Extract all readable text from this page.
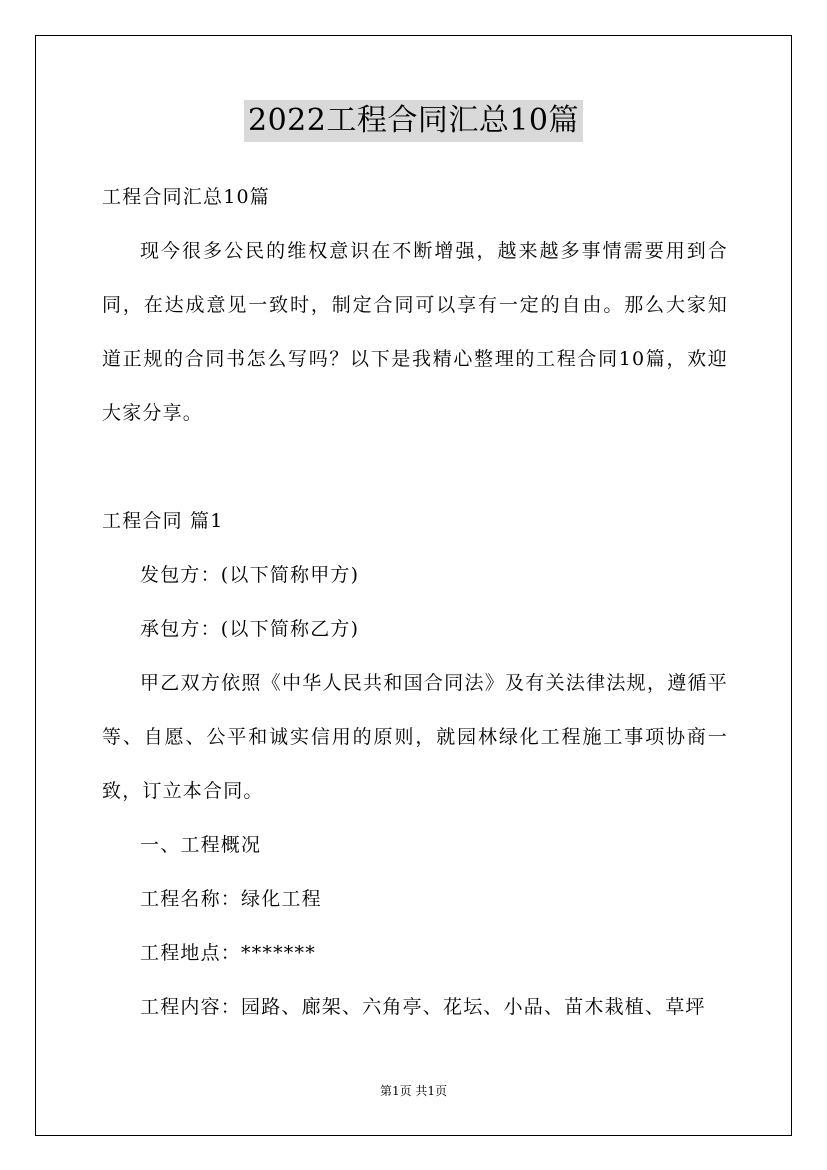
2022工程合同汇总10篇

工程合同汇总10篇

现今很多公民的维权意识在不断增强，越来越多事情需要用到合同，在达成意见一致时，制定合同可以享有一定的自由。那么大家知道正规的合同书怎么写吗？以下是我精心整理的工程合同10篇，欢迎大家分享。

工程合同 篇1

发包方：(以下简称甲方)

承包方：(以下简称乙方)

甲乙双方依照《中华人民共和国合同法》及有关法律法规，遵循平等、自愿、公平和诚实信用的原则，就园林绿化工程施工事项协商一致，订立本合同。

一、工程概况

工程名称：绿化工程

工程地点：*******

工程内容：园路、廊架、六角亭、花坛、小品、苗木栽植、草坪

第1页 共1页
